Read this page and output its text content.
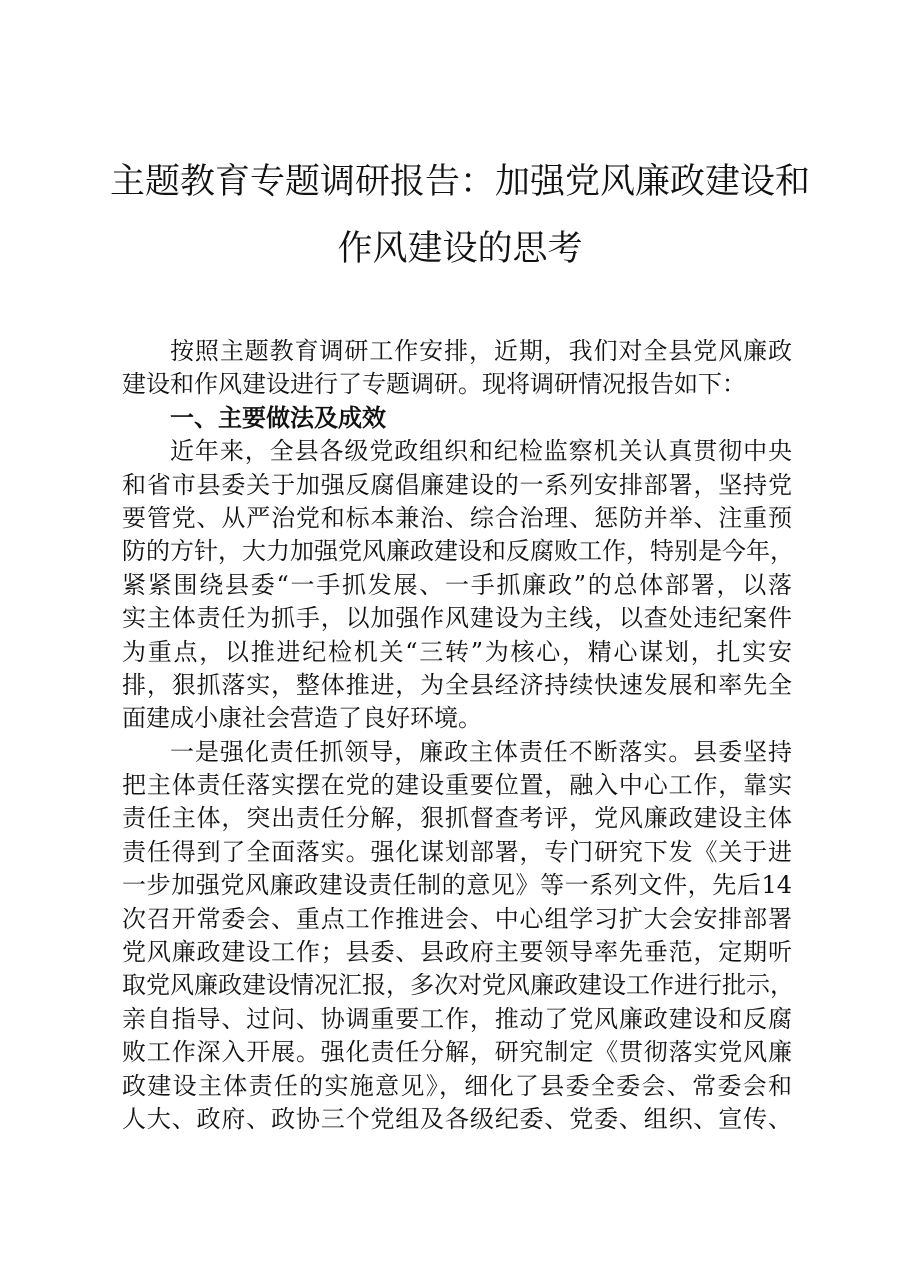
主题教育专题调研报告：加强党风廉政建设和
作风建设的思考
按照主题教育调研工作安排，近期，我们对全县党风廉政
建设和作风建设进行了专题调研。现将调研情况报告如下：
一、主要做法及成效
近年来，全县各级党政组织和纪检监察机关认真贯彻中央
和省市县委关于加强反腐倡廉建设的一系列安排部署，坚持党
要管党、从严治党和标本兼治、综合治理、惩防并举、注重预
防的方针，大力加强党风廉政建设和反腐败工作，特别是今年，
紧紧围绕县委“一手抓发展、一手抓廉政”的总体部署，以落
实主体责任为抓手，以加强作风建设为主线，以查处违纪案件
为重点，以推进纪检机关“三转”为核心，精心谋划，扎实安
排，狠抓落实，整体推进，为全县经济持续快速发展和率先全
面建成小康社会营造了良好环境。
一是强化责任抓领导，廉政主体责任不断落实。县委坚持
把主体责任落实摆在党的建设重要位置，融入中心工作，靠实
责任主体，突出责任分解，狠抓督查考评，党风廉政建设主体
责任得到了全面落实。强化谋划部署，专门研究下发《关于进
一步加强党风廉政建设责任制的意见》等一系列文件，先后14
次召开常委会、重点工作推进会、中心组学习扩大会安排部署
党风廉政建设工作；县委、县政府主要领导率先垂范，定期听
取党风廉政建设情况汇报，多次对党风廉政建设工作进行批示，
亲自指导、过问、协调重要工作，推动了党风廉政建设和反腐
败工作深入开展。强化责任分解，研究制定《贯彻落实党风廉
政建设主体责任的实施意见》，细化了县委全委会、常委会和
人大、政府、政协三个党组及各级纪委、党委、组织、宣传、
